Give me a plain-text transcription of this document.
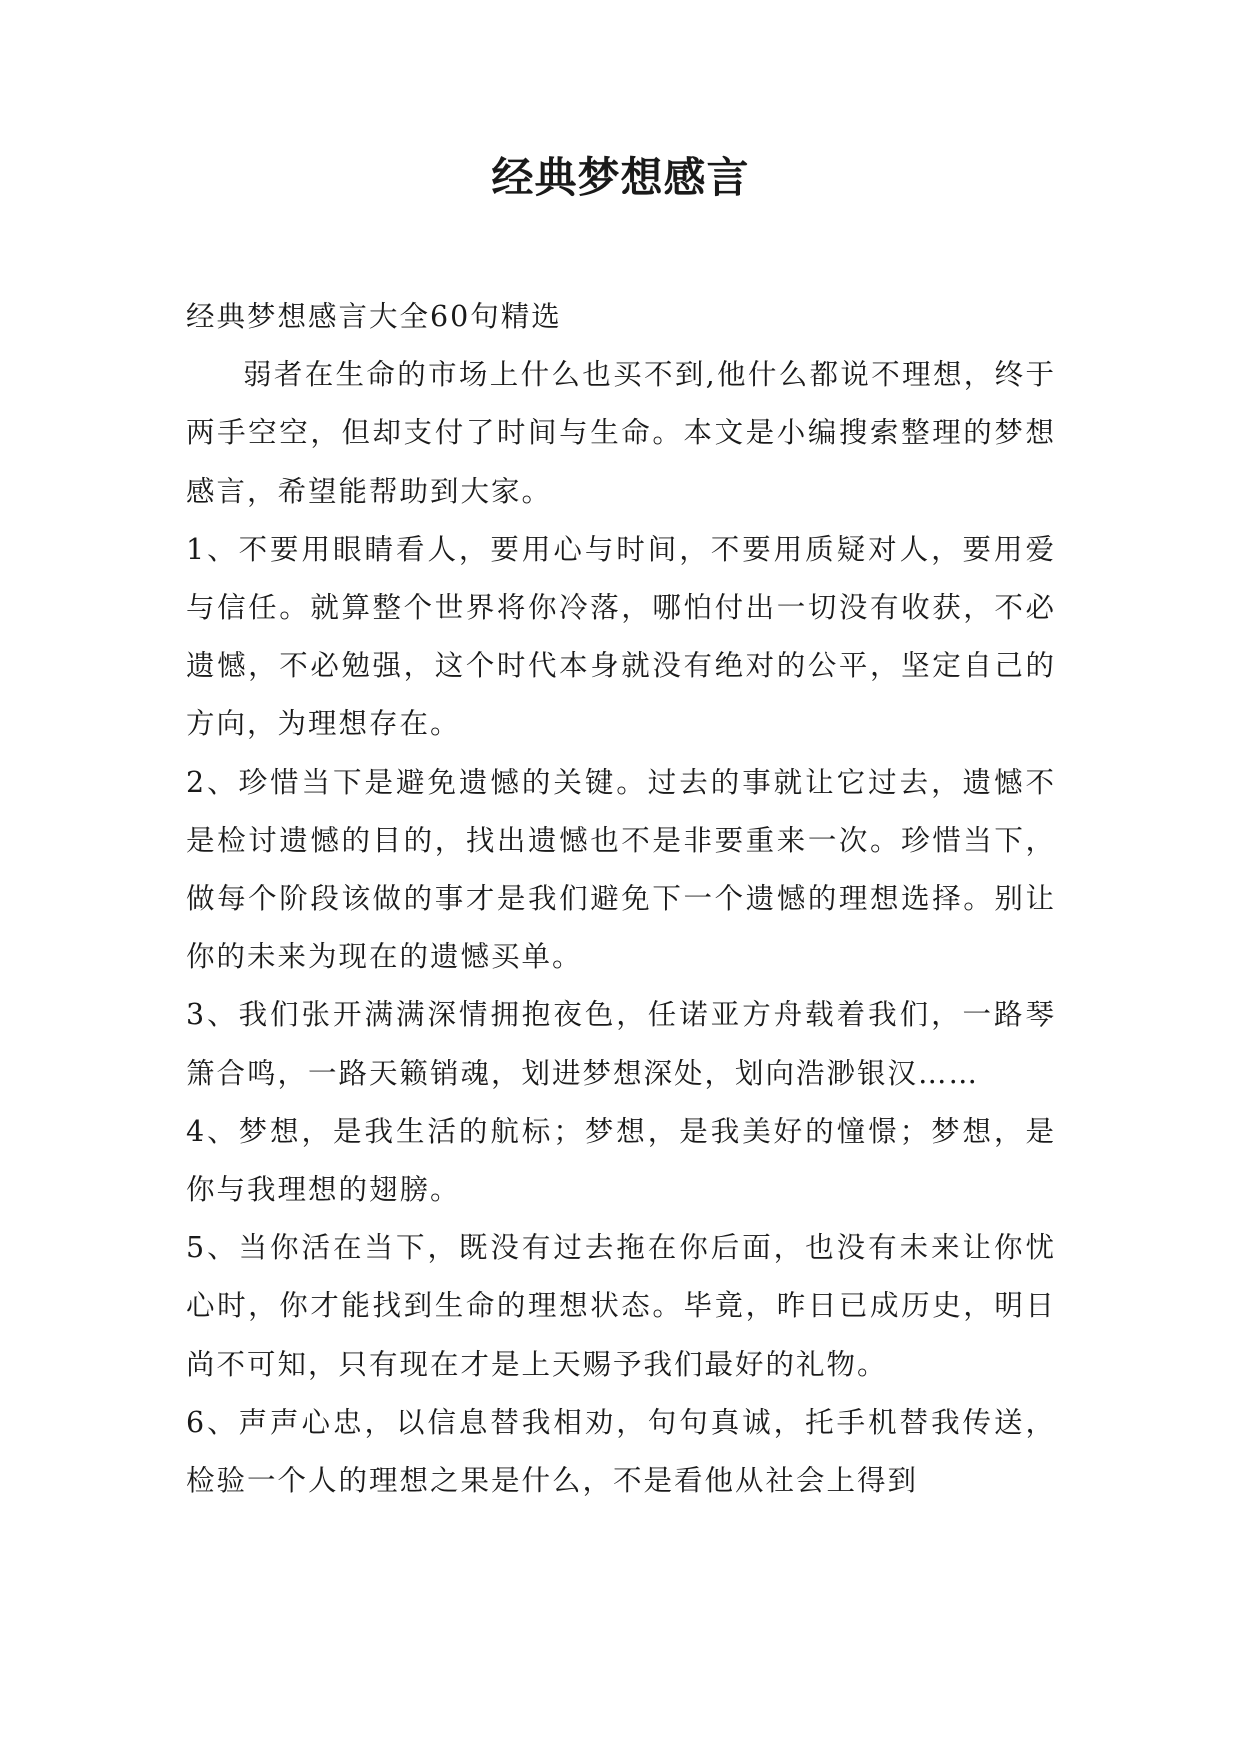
经典梦想感言

经典梦想感言大全60句精选

弱者在生命的市场上什么也买不到,他什么都说不理想，终于两手空空，但却支付了时间与生命。本文是小编搜索整理的梦想感言，希望能帮助到大家。

1、不要用眼睛看人，要用心与时间，不要用质疑对人，要用爱与信任。就算整个世界将你冷落，哪怕付出一切没有收获，不必遗憾，不必勉强，这个时代本身就没有绝对的公平，坚定自己的方向，为理想存在。

2、珍惜当下是避免遗憾的关键。过去的事就让它过去，遗憾不是检讨遗憾的目的，找出遗憾也不是非要重来一次。珍惜当下，做每个阶段该做的事才是我们避免下一个遗憾的理想选择。别让你的未来为现在的遗憾买单。

3、我们张开满满深情拥抱夜色，任诺亚方舟载着我们，一路琴箫合鸣，一路天籁销魂，划进梦想深处，划向浩渺银汉……

4、梦想，是我生活的航标；梦想，是我美好的憧憬；梦想，是你与我理想的翅膀。

5、当你活在当下，既没有过去拖在你后面，也没有未来让你忧心时，你才能找到生命的理想状态。毕竟，昨日已成历史，明日尚不可知，只有现在才是上天赐予我们最好的礼物。

6、声声心忠，以信息替我相劝，句句真诚，托手机替我传送，检验一个人的理想之果是什么，不是看他从社会上得到
